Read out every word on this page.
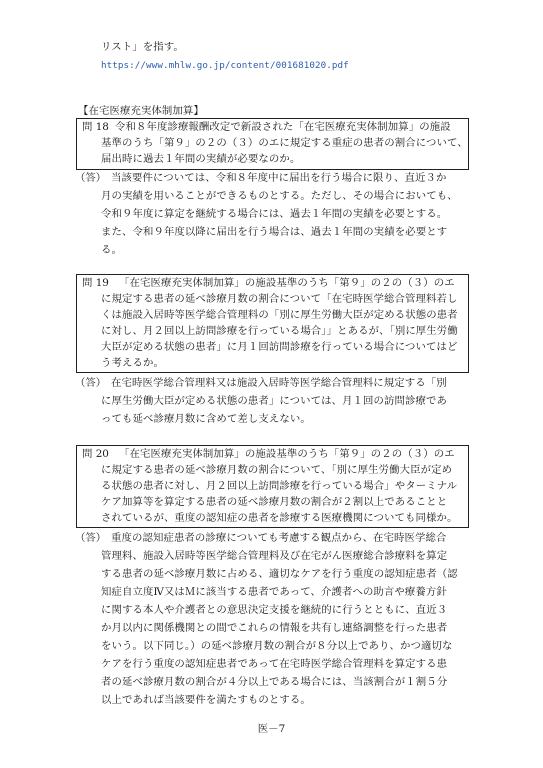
リスト」を指す。
https://www.mhlw.go.jp/content/001681020.pdf
【在宅医療充実体制加算】
問 18 令和８年度診療報酬改定で新設された「在宅医療充実体制加算」の施設
基準のうち「第９」の２の（３）のエに規定する重症の患者の割合について、
届出時に過去１年間の実績が必要なのか。
（答） 当該要件については、令和８年度中に届出を行う場合に限り、直近３か
月の実績を用いることができるものとする。ただし、その場合においても、
令和９年度に算定を継続する場合には、過去１年間の実績を必要とする。
また、令和９年度以降に届出を行う場合は、過去１年間の実績を必要とす
る。
問 19 「在宅医療充実体制加算」の施設基準のうち「第９」の２の（３）のエ
に規定する患者の延べ診療月数の割合について「在宅時医学総合管理料若し
くは施設入居時等医学総合管理料の「別に厚生労働大臣が定める状態の患者
に対し、月２回以上訪問診療を行っている場合」」とあるが、「別に厚生労働
大臣が定める状態の患者」に月１回訪問診療を行っている場合についてはど
う考えるか。
（答） 在宅時医学総合管理料又は施設入居時等医学総合管理料に規定する「別
に厚生労働大臣が定める状態の患者」については、月１回の訪問診療であ
っても延べ診療月数に含めて差し支えない。
問 20 「在宅医療充実体制加算」の施設基準のうち「第９」の２の（３）のエ
に規定する患者の延べ診療月数の割合について、「別に厚生労働大臣が定め
る状態の患者に対し、月２回以上訪問診療を行っている場合」やターミナル
ケア加算等を算定する患者の延べ診療月数の割合が２割以上であることと
されているが、重度の認知症の患者を診療する医療機関についても同様か。
（答） 重度の認知症患者の診療についても考慮する観点から、在宅時医学総合
管理料、施設入居時等医学総合管理料及び在宅がん医療総合診療料を算定
する患者の延べ診療月数に占める、適切なケアを行う重度の認知症患者（認
知症自立度Ⅳ又はＭに該当する患者であって、介護者への助言や療養方針
に関する本人や介護者との意思決定支援を継続的に行うとともに、直近３
か月以内に関係機関との間でこれらの情報を共有し連絡調整を行った患者
をいう。以下同じ。）の延べ診療月数の割合が８分以上であり、かつ適切な
ケアを行う重度の認知症患者であって在宅時医学総合管理料を算定する患
者の延べ診療月数の割合が４分以上である場合には、当該割合が１割５分
以上であれば当該要件を満たすものとする。
医－7
